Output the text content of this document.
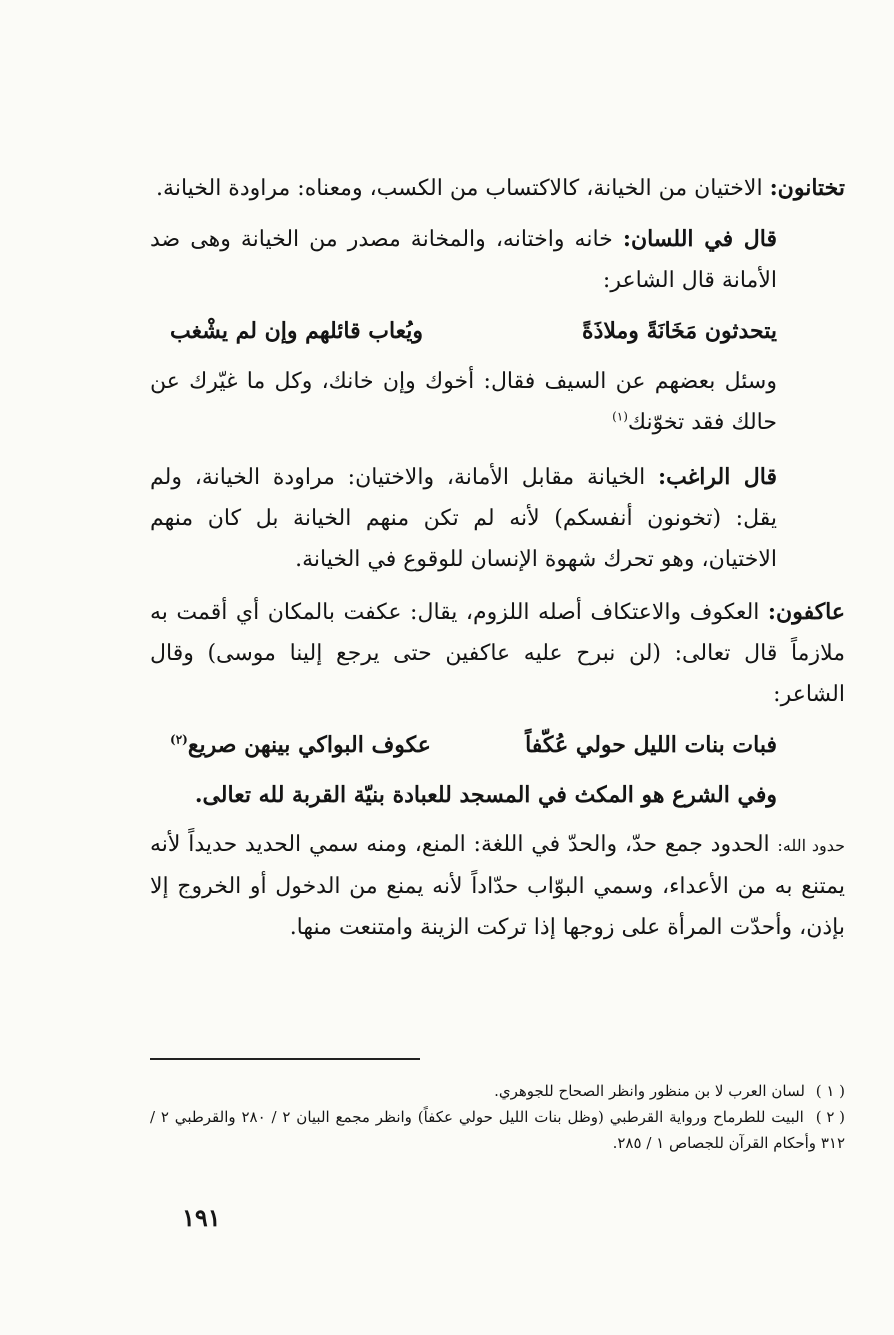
تختانون: الاختيان من الخيانة، كالاكتساب من الكسب، ومعناه: مراودة الخيانة.
قال في اللسان: خانه واختانه، والمخانة مصدر من الخيانة وهى ضد الأمانة قال الشاعر:
يتحدثون مَخَانَةً وملاذَةً
ويُعاب قائلهم وإن لم يشْغب
وسئل بعضهم عن السيف فقال: أخوك وإن خانك، وكل ما غيّرك عن حالك فقد تخوّنك$^{(١)}$
قال الراغب: الخيانة مقابل الأمانة، والاختيان: مراودة الخيانة، ولم يقل: (تخونون أنفسكم) لأنه لم تكن منهم الخيانة بل كان منهم الاختيان، وهو تحرك شهوة الإنسان للوقوع في الخيانة.
عاكفون: العكوف والاعتكاف أصله اللزوم، يقال: عكفت بالمكان أي أقمت به ملازماً قال تعالى: (لن نبرح عليه عاكفين حتى يرجع إلينا موسى) وقال الشاعر:
فبات بنات الليل حولي عُكّفاً
عكوف البواكي بينهن صريع$^{(٢)}$
وفي الشرع هو المكث في المسجد للعبادة بنيّة القربة لله تعالى.
حدود الله: الحدود جمع حدّ، والحدّ في اللغة: المنع، ومنه سمي الحديد حديداً لأنه يمتنع به من الأعداء، وسمي البوّاب حدّاداً لأنه يمنع من الدخول أو الخروج إلا بإذن، وأحدّت المرأة على زوجها إذا تركت الزينة وامتنعت منها.
( ١ ) لسان العرب لا بن منظور وانظر الصحاح للجوهري.
( ٢ ) البيت للطرماح ورواية القرطبي (وظل بنات الليل حولي عكفاً) وانظر مجمع البيان ٢ / ٢٨٠ والقرطبي ٢ / ٣١٢ وأحكام القرآن للجصاص ١ / ٢٨٥.
١٩١
